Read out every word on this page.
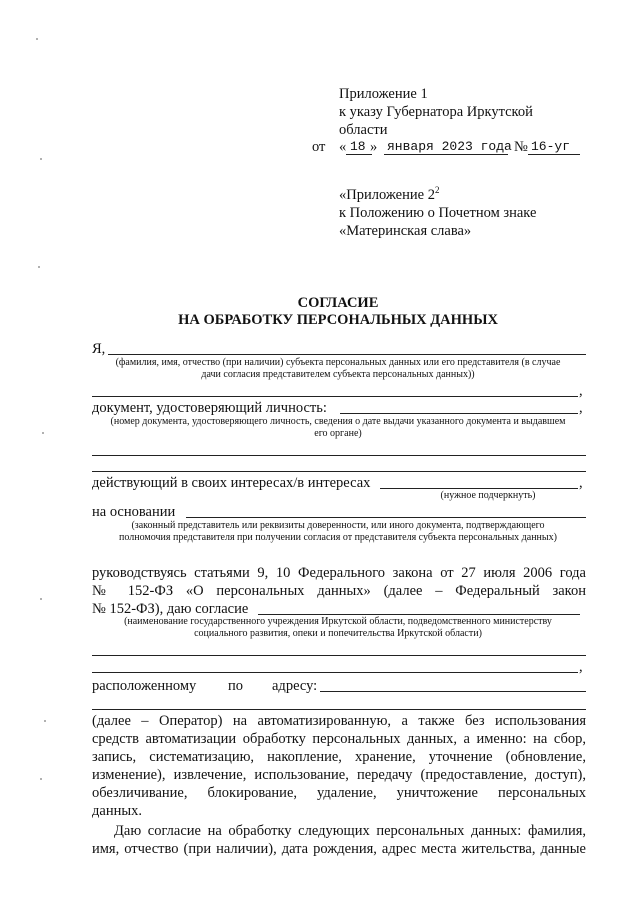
Приложение 1
к указу Губернатора Иркутской
области
от « 18 » января 2023 года № 16-уг
«Приложение $2^2$
к Положению о Почетном знаке
«Материнская слава»
СОГЛАСИЕ
НА ОБРАБОТКУ ПЕРСОНАЛЬНЫХ ДАННЫХ
Я,
(фамилия, имя, отчество (при наличии) субъекта персональных данных или его представителя (в случае
дачи согласия представителем субъекта персональных данных))
,
документ, удостоверяющий личность:	,
(номер документа, удостоверяющего личность, сведения о дате выдачи указанного документа и выдавшем
его органе)
действующий в своих интересах/в интересах	,
(нужное подчеркнуть)
на основании
(законный представитель или реквизиты доверенности, или иного документа, подтверждающего
полномочия представителя при получении согласия от представителя субъекта персональных данных)
руководствуясь статьями 9, 10 Федерального закона от 27 июля 2006 года
№ 152-ФЗ «О персональных данных» (далее – Федеральный закон
№ 152-ФЗ), даю согласие
(наименование государственного учреждения Иркутской области, подведомственного министерству
социального развития, опеки и попечительства Иркутской области)
,
расположенному по адресу:
(далее – Оператор) на автоматизированную, а также без использования
средств автоматизации обработку персональных данных, а именно: на сбор,
запись, систематизацию, накопление, хранение, уточнение (обновление,
изменение), извлечение, использование, передачу (предоставление, доступ),
обезличивание, блокирование, удаление, уничтожение персональных
данных.
Даю согласие на обработку следующих персональных данных: фамилия,
имя, отчество (при наличии), дата рождения, адрес места жительства, данные
